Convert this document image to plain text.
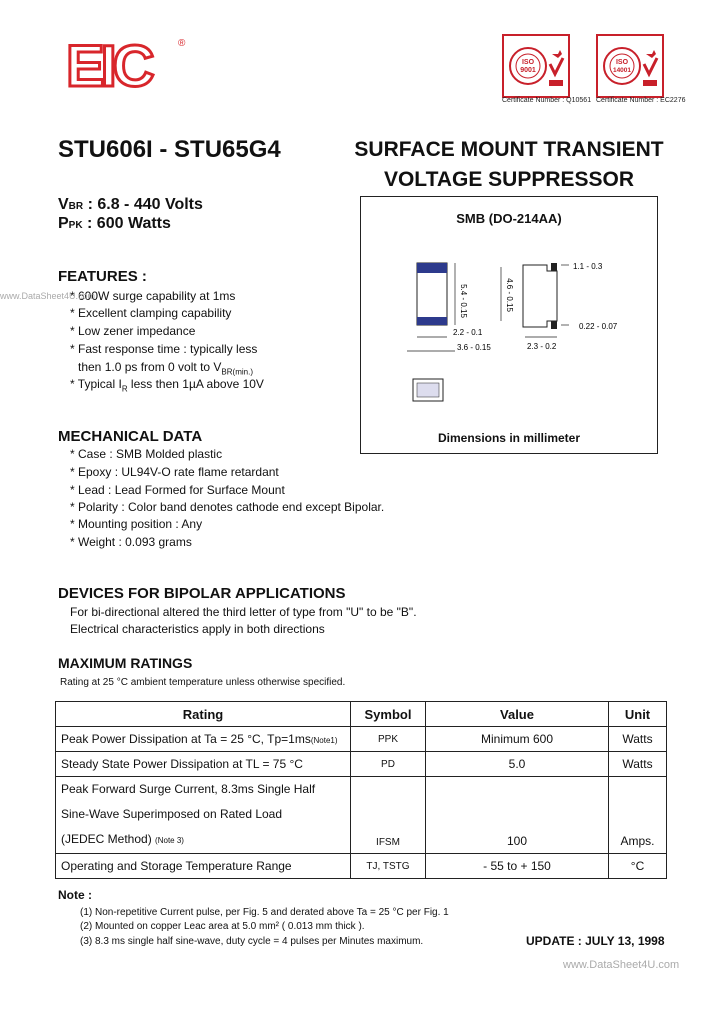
EIC	®
ISO
9001
ISO
14001
Certificate Number : Q10561 Certificate Number : EC2276
STU606I - STU65G4	SURFACE MOUNT TRANSIENT
VOLTAGE SUPPRESSOR
VBR : 6.8 - 440 Volts
PPK : 600 Watts	SMB (DO-214AA)
5.4 - 0.15	4.6 - 0.15
2.2 - 0.1
3.6 - 0.15
1.1 - 0.3
0.22 - 0.07
2.3 - 0.2
Dimensions in millimeter
FEATURES :
* 600W surge capability at 1ms
* Excellent clamping capability
* Low zener impedance
* Fast response time : typically less
then 1.0 ps from 0 volt to $V_{BR(min.)}$
* Typical $I_R$ less then 1µA above 10V
MECHANICAL DATA
* Case : SMB Molded plastic
* Epoxy : UL94V-O rate flame retardant
* Lead : Lead Formed for Surface Mount
* Polarity : Color band denotes cathode end except Bipolar.
* Mounting position : Any
* Weight : 0.093 grams
DEVICES FOR BIPOLAR APPLICATIONS
For bi-directional altered the third letter of type from "U" to be "B".
Electrical characteristics apply in both directions
MAXIMUM RATINGS
Rating at 25 °C ambient temperature unless otherwise specified.
Rating	Symbol	Value	Unit
Peak Power Dissipation at Ta = 25 °C, Tp=1ms(Note1)	PPK	Minimum 600	Watts
Steady State Power Dissipation at TL = 75 °C	PD	5.0	Watts

Peak Forward Surge Current, 8.3ms Single Half
Sine-Wave Superimposed on Rated Load
(JEDEC Method) (Note 3)	IFSM	100	Amps.
Operating and Storage Temperature Range	TJ, TSTG	- 55 to + 150	°C
Note :
(1) Non-repetitive Current pulse, per Fig. 5 and derated above Ta = 25 °C per Fig. 1
(2) Mounted on copper Leac area at 5.0 mm² ( 0.013 mm thick ).
(3) 8.3 ms single half sine-wave, duty cycle = 4 pulses per Minutes maximum.	UPDATE : JULY 13, 1998
www.DataSheet4U.com
www.DataSheet4U.com
